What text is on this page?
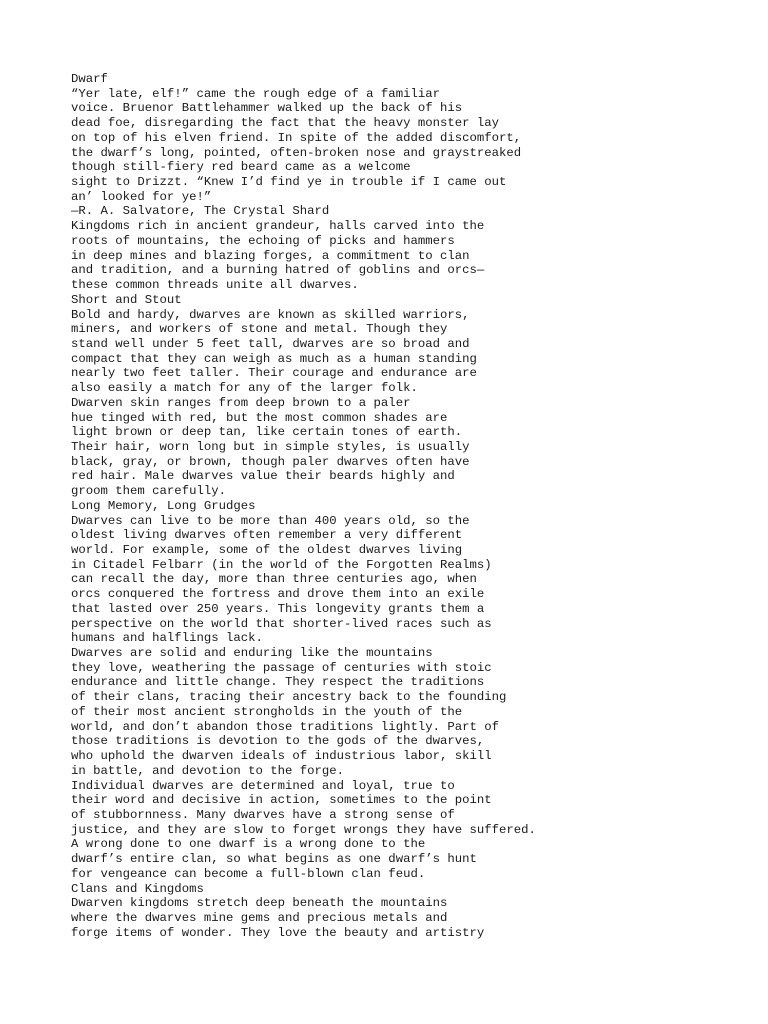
Dwarf
“Yer late, elf!” came the rough edge of a familiar
voice. Bruenor Battlehammer walked up the back of his
dead foe, disregarding the fact that the heavy monster lay
on top of his elven friend. In spite of the added discomfort,
the dwarf’s long, pointed, often-broken nose and graystreaked
though still-fiery red beard came as a welcome
sight to Drizzt. “Knew I’d find ye in trouble if I came out
an’ looked for ye!”
—R. A. Salvatore, The Crystal Shard
Kingdoms rich in ancient grandeur, halls carved into the
roots of mountains, the echoing of picks and hammers
in deep mines and blazing forges, a commitment to clan
and tradition, and a burning hatred of goblins and orcs—
these common threads unite all dwarves.
Short and Stout
Bold and hardy, dwarves are known as skilled warriors,
miners, and workers of stone and metal. Though they
stand well under 5 feet tall, dwarves are so broad and
compact that they can weigh as much as a human standing
nearly two feet taller. Their courage and endurance are
also easily a match for any of the larger folk.
Dwarven skin ranges from deep brown to a paler
hue tinged with red, but the most common shades are
light brown or deep tan, like certain tones of earth.
Their hair, worn long but in simple styles, is usually
black, gray, or brown, though paler dwarves often have
red hair. Male dwarves value their beards highly and
groom them carefully.
Long Memory, Long Grudges
Dwarves can live to be more than 400 years old, so the
oldest living dwarves often remember a very different
world. For example, some of the oldest dwarves living
in Citadel Felbarr (in the world of the Forgotten Realms)
can recall the day, more than three centuries ago, when
orcs conquered the fortress and drove them into an exile
that lasted over 250 years. This longevity grants them a
perspective on the world that shorter-lived races such as
humans and halflings lack.
Dwarves are solid and enduring like the mountains
they love, weathering the passage of centuries with stoic
endurance and little change. They respect the traditions
of their clans, tracing their ancestry back to the founding
of their most ancient strongholds in the youth of the
world, and don’t abandon those traditions lightly. Part of
those traditions is devotion to the gods of the dwarves,
who uphold the dwarven ideals of industrious labor, skill
in battle, and devotion to the forge.
Individual dwarves are determined and loyal, true to
their word and decisive in action, sometimes to the point
of stubbornness. Many dwarves have a strong sense of
justice, and they are slow to forget wrongs they have suffered.
A wrong done to one dwarf is a wrong done to the
dwarf’s entire clan, so what begins as one dwarf’s hunt
for vengeance can become a full-blown clan feud.
Clans and Kingdoms
Dwarven kingdoms stretch deep beneath the mountains
where the dwarves mine gems and precious metals and
forge items of wonder. They love the beauty and artistry
